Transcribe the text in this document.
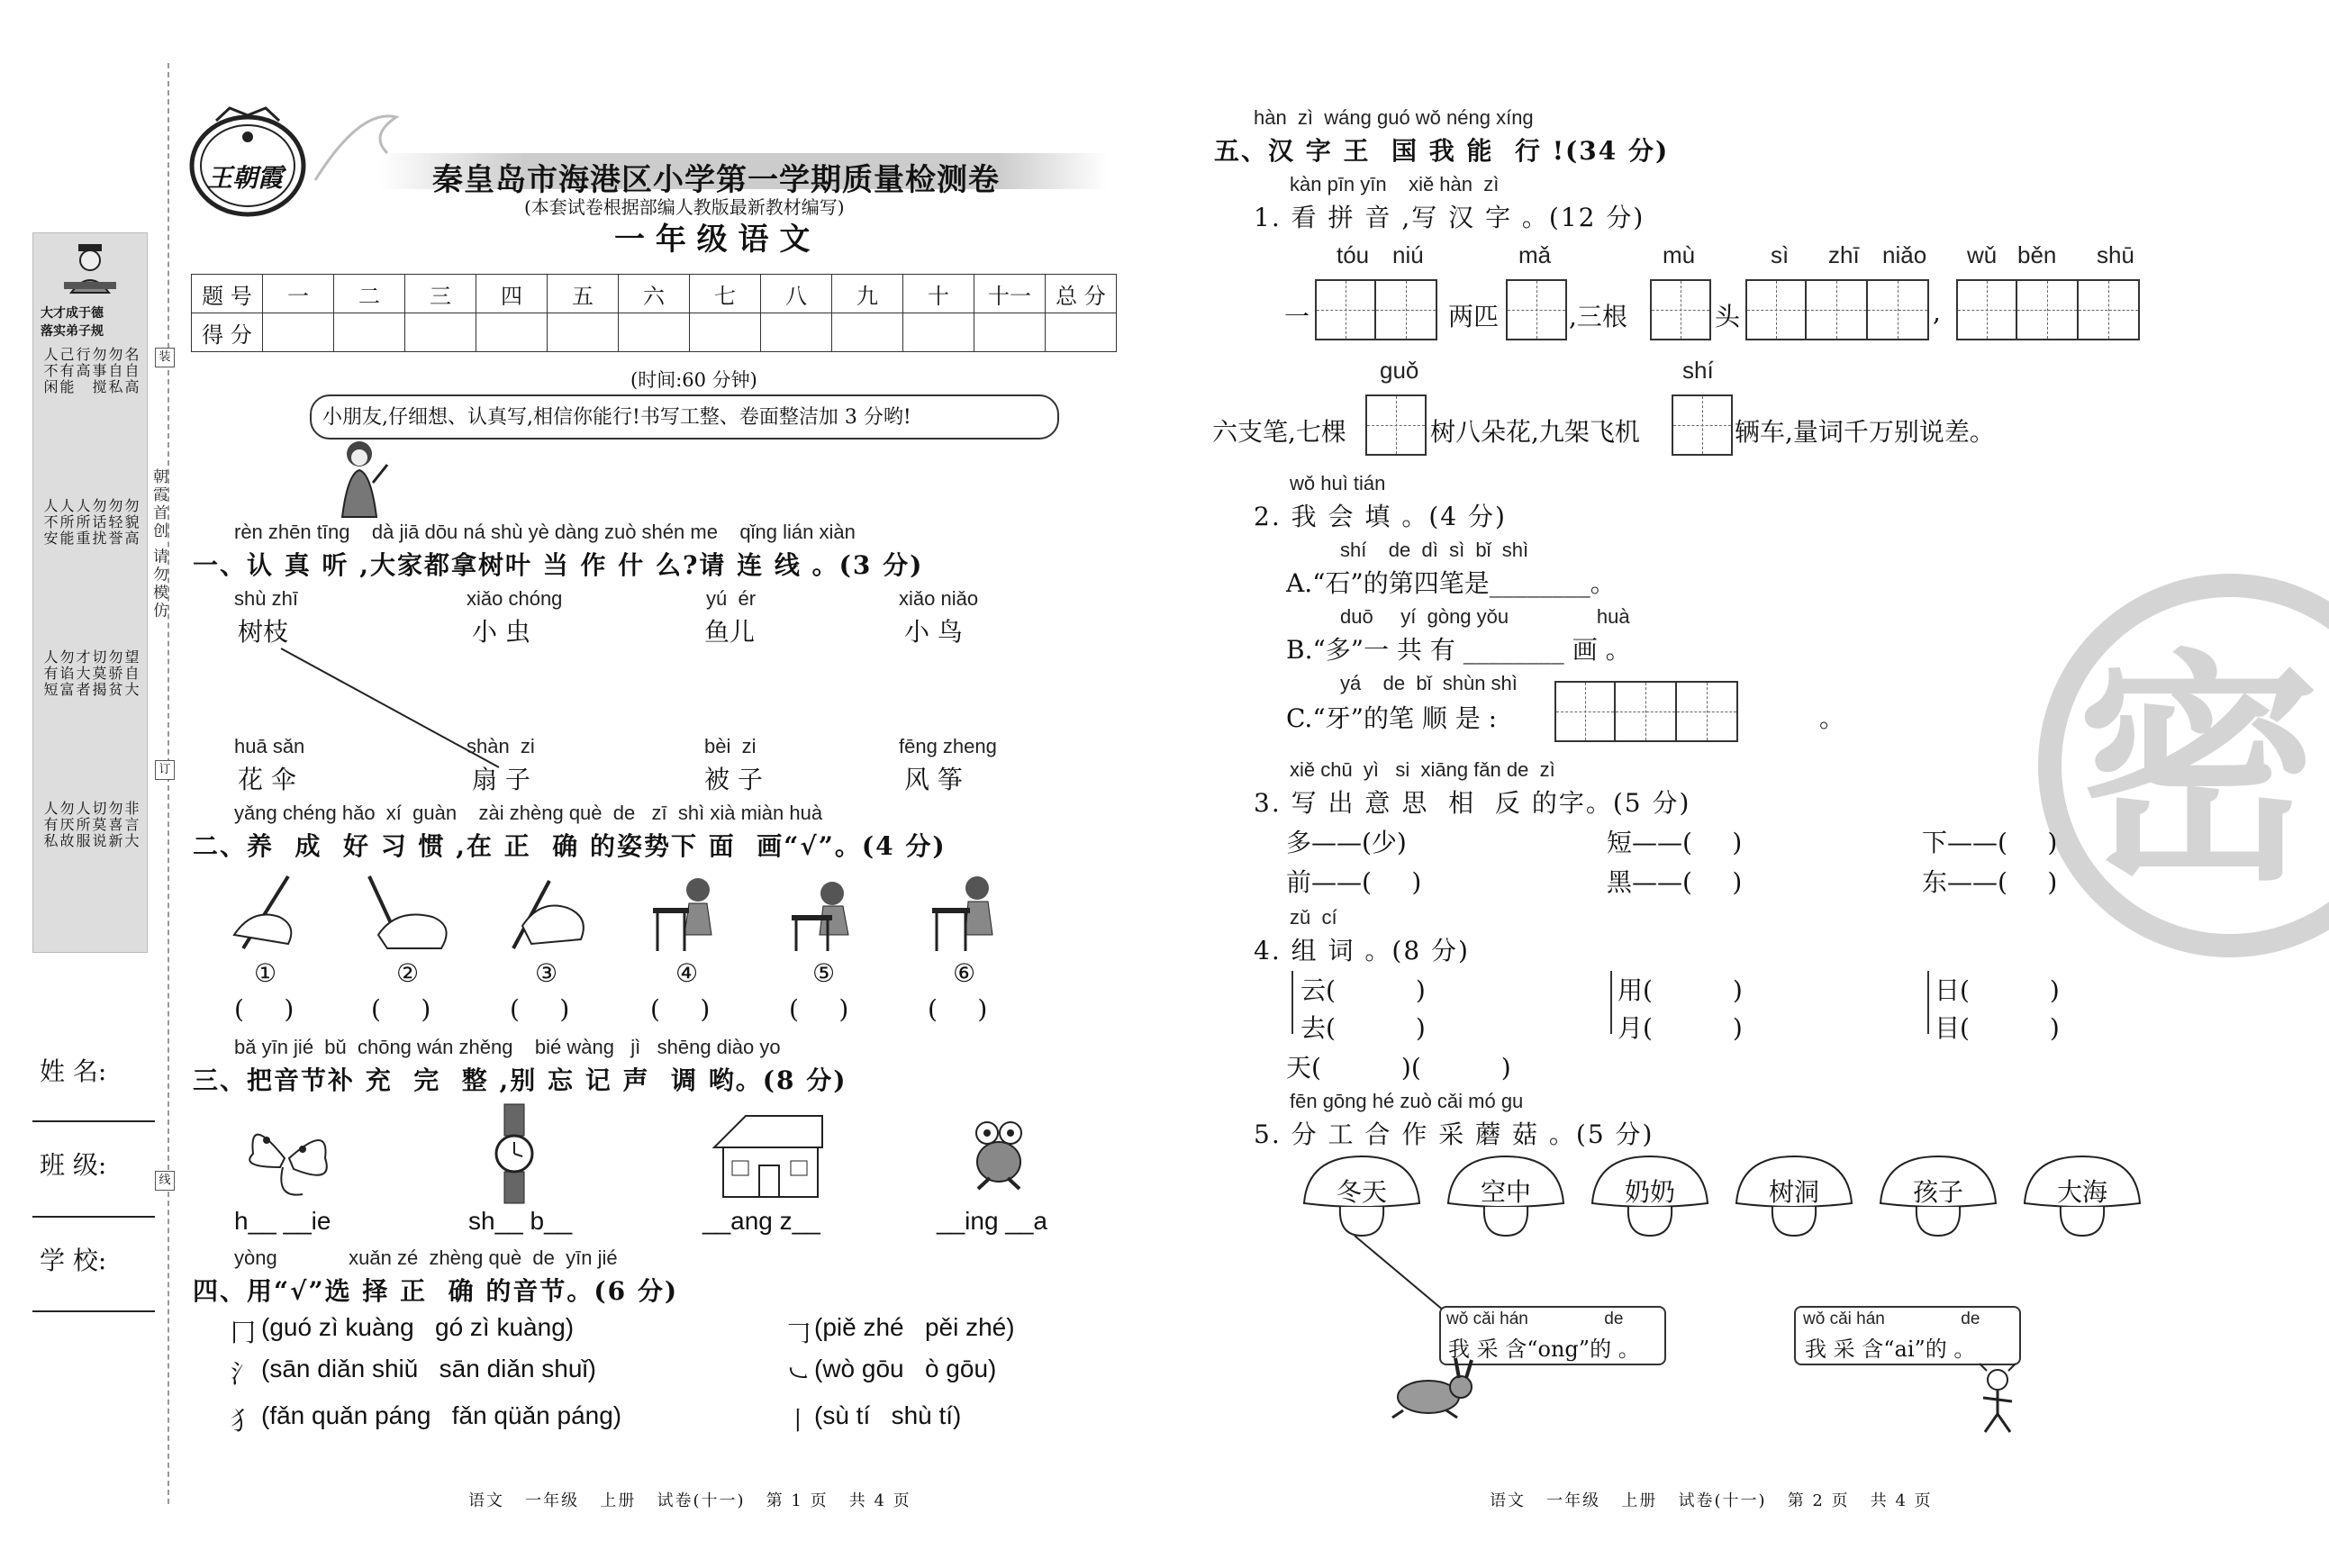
大才成于德
落实弟子规
人不闲 己有能 行高 勿事搅 勿自私 名自高
人不安 人所能 人所重 勿话扰 勿轻誉 勿貌高
人有短 勿谄富 才大者 切莫揭 勿骄贫 望自大
人有私 勿厌故 人所服 切莫说 勿喜新 非言大
姓 名:
班 级:
学 校:
装
订
线
朝霞首创 请勿模仿
王朝霞	秦皇岛市海港区小学第一学期质量检测卷
(本套试卷根据部编人教版最新教材编写)
一 年 级 语 文
题 号	一	二	三	四	五	六	七	八	九	十	十一	总 分
得 分												
(时间:60 分钟)
小朋友,仔细想、认真写,相信你能行!书写工整、卷面整洁加 3 分哟!
rèn zhēn tīng    dà jiā dōu ná shù yè dàng zuò shén me    qǐng lián xiàn
一、认 真 听 ,大家都拿树叶 当 作 什 么?请 连 线 。(3 分)
shù zhī
树枝
xiǎo chóng
小 虫
yú  ér
鱼儿
xiǎo niǎo
小 鸟
huā sǎn
花 伞
shàn  zi
扇 子
bèi  zi
被 子
fēng zheng
风 筝
yǎng chéng hǎo  xí  guàn    zài zhèng què  de   zī  shì xià miàn huà
二、养  成  好 习 惯 ,在 正  确 的姿势下 面  画“√”。(4 分)
①	②	③	④	⑤	⑥
(     )	(     )	(     )	(     )	(     )	(     )
bǎ yīn jié  bǔ  chōng wán zhěng    bié wàng   jì   shēng diào yo
三、把音节补 充  完  整 ,别 忘 记 声  调 哟。(8 分)
h__ __ie	sh__ b__	__ang z__	__ing __a
yòng             xuǎn zé  zhèng què  de  yīn jié
四、用“√”选 择 正  确 的音节。(6 分)
冂 (guó zì kuàng   gó zì kuàng)	𠃌 (piě zhé   pěi zhé)
氵 (sān diǎn shiǔ   sān diǎn shuǐ)	㇃ (wò gōu   ò gōu)
犭 (fǎn quǎn páng   fǎn qüǎn páng)	丨 (sù tí   shù tí)
语文   一年级   上册   试卷(十一)   第 1 页   共 4 页
密
hàn  zì  wáng guó wǒ néng xíng
五、汉 字 王  国 我 能  行 !(34 分)
kàn pīn yīn    xiě hàn  zì
1. 看 拼 音 ,写 汉 字 。(12 分)
tóu niú	mǎ	mù	sì zhī niǎo wǔ běn shū
一	两匹	,三根	头	,
guǒ	shí
六支笔,七棵	树八朵花,九架飞机	辆车,量词千万别说差。
wǒ huì tián
2. 我 会 填 。(4 分)
shí    de  dì  sì  bǐ  shì
A.“石”的第四笔是________。
duō     yí  gòng yǒu                huà
B.“多”一 共 有 ________ 画 。
yá    de  bǐ  shùn shì
C.“牙”的笔 顺 是 :	。
xiě chū  yì   si  xiāng fǎn de  zì
3. 写 出 意 思  相  反 的字。(5 分)
多——(少)	短——(     )	下——(     )
前——(     )	黑——(     )	东——(     )
zǔ  cí
4. 组 词 。(8 分)
云(          )	用(          )	日(          )
去(          )	月(          )	目(          )
天(          )(          )
fēn gōng hé zuò cǎi mó gu
5. 分 工 合 作 采 蘑 菇 。(5 分)
冬天	空中	奶奶	树洞	孩子	大海
wǒ cǎi hán                de
我 采 含“ong”的 。
wǒ cǎi hán                de
我 采 含“ai”的 。
语文   一年级   上册   试卷(十一)   第 2 页   共 4 页
